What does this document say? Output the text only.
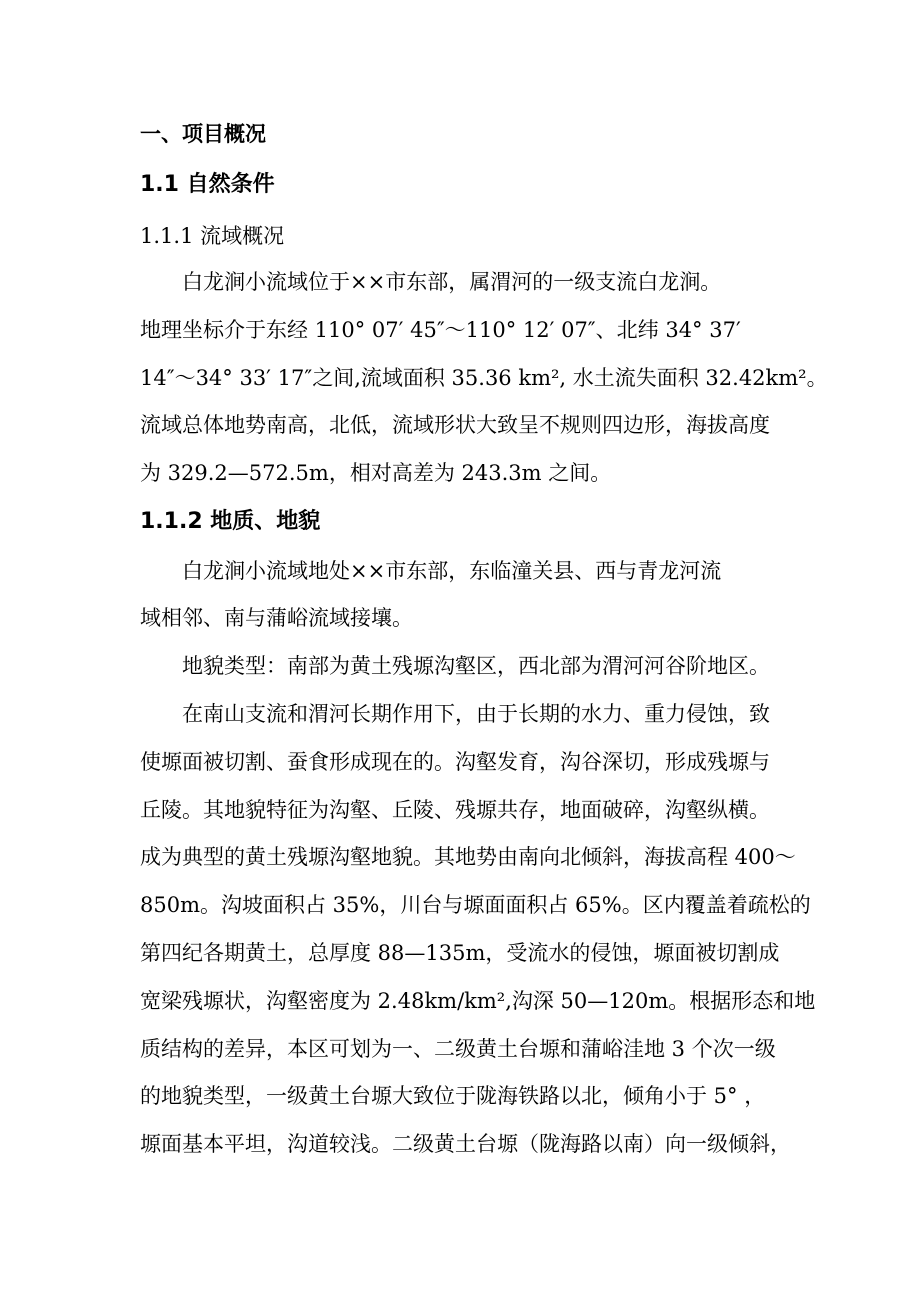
一、项目概况
1.1 自然条件
1.1.1 流域概况
白龙涧小流域位于××市东部，属渭河的一级支流白龙涧。
地理坐标介于东经 110° 07′ 45″～110° 12′ 07″、北纬 34° 37′
14″～34° 33′ 17″之间,流域面积 35.36 km², 水土流失面积 32.42km²。
流域总体地势南高，北低，流域形状大致呈不规则四边形，海拔高度
为 329.2—572.5m，相对高差为 243.3m 之间。
1.1.2 地质、地貌
白龙涧小流域地处××市东部，东临潼关县、西与青龙河流
域相邻、南与蒲峪流域接壤。
地貌类型：南部为黄土残塬沟壑区，西北部为渭河河谷阶地区。
在南山支流和渭河长期作用下，由于长期的水力、重力侵蚀，致
使塬面被切割、蚕食形成现在的。沟壑发育，沟谷深切，形成残塬与
丘陵。其地貌特征为沟壑、丘陵、残塬共存，地面破碎，沟壑纵横。
成为典型的黄土残塬沟壑地貌。其地势由南向北倾斜，海拔高程 400～
850m。沟坡面积占 35%，川台与塬面面积占 65%。区内覆盖着疏松的
第四纪各期黄土，总厚度 88—135m，受流水的侵蚀，塬面被切割成
宽梁残塬状，沟壑密度为 2.48km/km²,沟深 50—120m。根据形态和地
质结构的差异，本区可划为一、二级黄土台塬和蒲峪洼地 3 个次一级
的地貌类型，一级黄土台塬大致位于陇海铁路以北，倾角小于 5° ，
塬面基本平坦，沟道较浅。二级黄土台塬（陇海路以南）向一级倾斜，
